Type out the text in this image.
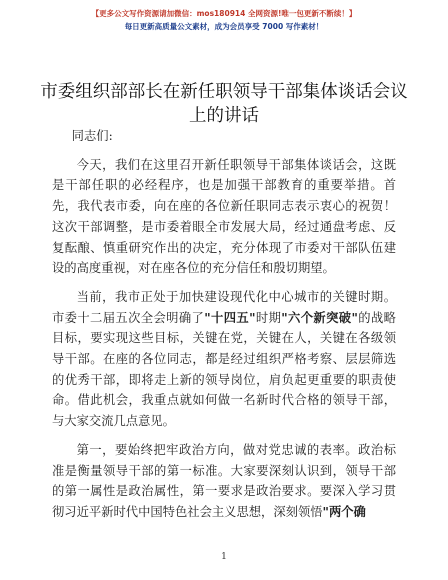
【更多公文写作资源请加微信：mos180914 全网资源!唯一包更新不断续！】
每日更新高质量公文素材，成为会员享受 7000 写作素材！
市委组织部部长在新任职领导干部集体谈话会议上的讲话

同志们:

今天，我们在这里召开新任职领导干部集体谈话会，这既是干部任职的必经程序，也是加强干部教育的重要举措。首先，我代表市委，向在座的各位新任职同志表示衷心的祝贺！这次干部调整，是市委着眼全市发展大局，经过通盘考虑、反复酝酿、慎重研究作出的决定，充分体现了市委对干部队伍建设的高度重视，对在座各位的充分信任和殷切期望。

当前，我市正处于加快建设现代化中心城市的关键时期。市委十二届五次全会明确了"十四五"时期"六个新突破"的战略目标，要实现这些目标，关键在党，关键在人，关键在各级领导干部。在座的各位同志，都是经过组织严格考察、层层筛选的优秀干部，即将走上新的领导岗位，肩负起更重要的职责使命。借此机会，我重点就如何做一名新时代合格的领导干部，与大家交流几点意见。

第一，要始终把牢政治方向，做对党忠诚的表率。政治标准是衡量领导干部的第一标准。大家要深刻认识到，领导干部的第一属性是政治属性，第一要求是政治要求。要深入学习贯彻习近平新时代中国特色社会主义思想，深刻领悟"两个确

1
